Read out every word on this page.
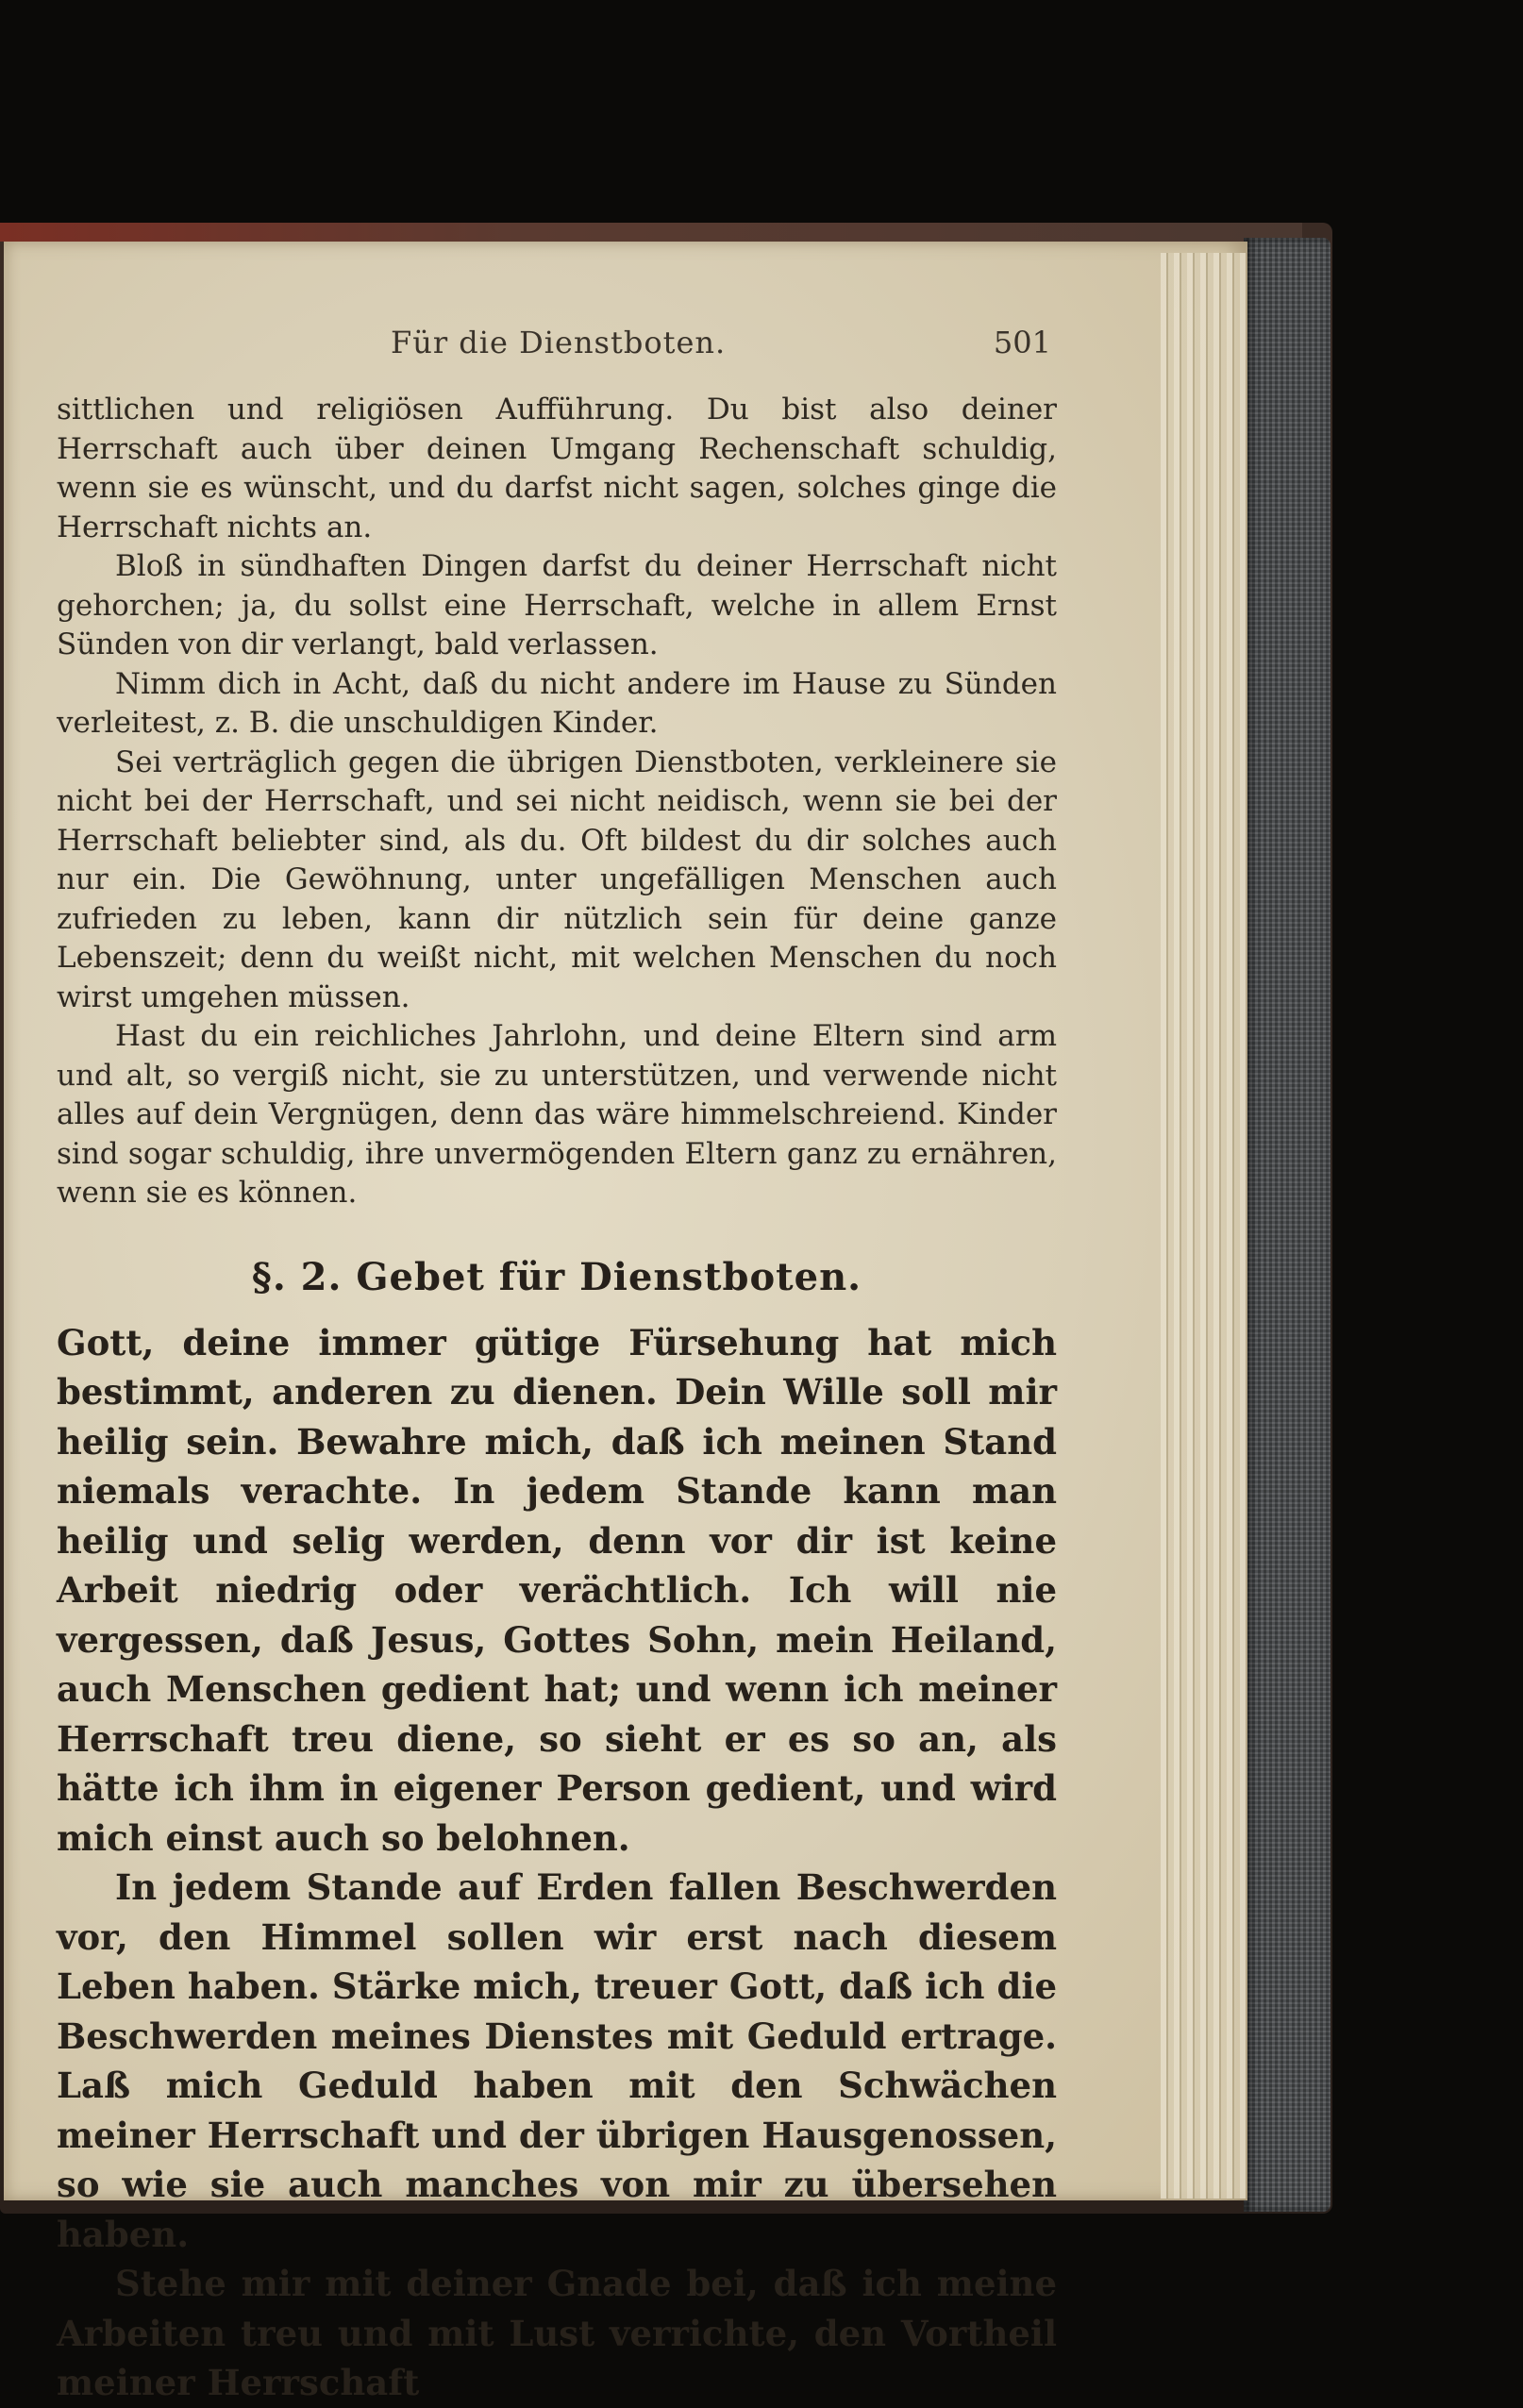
Für die Dienstboten.	501

sittlichen und religiösen Aufführung. Du bist also deiner Herrschaft auch über deinen Umgang Rechenschaft schuldig, wenn sie es wünscht, und du darfst nicht sagen, solches ginge die Herrschaft nichts an.

Bloß in sündhaften Dingen darfst du deiner Herrschaft nicht gehorchen; ja, du sollst eine Herrschaft, welche in allem Ernst Sünden von dir verlangt, bald verlassen.

Nimm dich in Acht, daß du nicht andere im Hause zu Sünden verleitest, z. B. die unschuldigen Kinder.

Sei verträglich gegen die übrigen Dienstboten, verkleinere sie nicht bei der Herrschaft, und sei nicht neidisch, wenn sie bei der Herrschaft beliebter sind, als du. Oft bildest du dir solches auch nur ein. Die Gewöhnung, unter ungefälligen Menschen auch zufrieden zu leben, kann dir nützlich sein für deine ganze Lebenszeit; denn du weißt nicht, mit welchen Menschen du noch wirst umgehen müssen.

Hast du ein reichliches Jahrlohn, und deine Eltern sind arm und alt, so vergiß nicht, sie zu unterstützen, und verwende nicht alles auf dein Vergnügen, denn das wäre himmelschreiend. Kinder sind sogar schuldig, ihre unvermögenden Eltern ganz zu ernähren, wenn sie es können.

§. 2. Gebet für Dienstboten.

Gott, deine immer gütige Fürsehung hat mich bestimmt, anderen zu dienen. Dein Wille soll mir heilig sein. Bewahre mich, daß ich meinen Stand niemals verachte. In jedem Stande kann man heilig und selig werden, denn vor dir ist keine Arbeit niedrig oder verächtlich. Ich will nie vergessen, daß Jesus, Gottes Sohn, mein Heiland, auch Menschen gedient hat; und wenn ich meiner Herrschaft treu diene, so sieht er es so an, als hätte ich ihm in eigener Person gedient, und wird mich einst auch so belohnen.

In jedem Stande auf Erden fallen Beschwerden vor, den Himmel sollen wir erst nach diesem Leben haben. Stärke mich, treuer Gott, daß ich die Beschwerden meines Dienstes mit Geduld ertrage. Laß mich Geduld haben mit den Schwächen meiner Herrschaft und der übrigen Hausgenossen, so wie sie auch manches von mir zu übersehen haben.

Stehe mir mit deiner Gnade bei, daß ich meine Arbeiten treu und mit Lust verrichte, den Vortheil meiner Herrschaft
